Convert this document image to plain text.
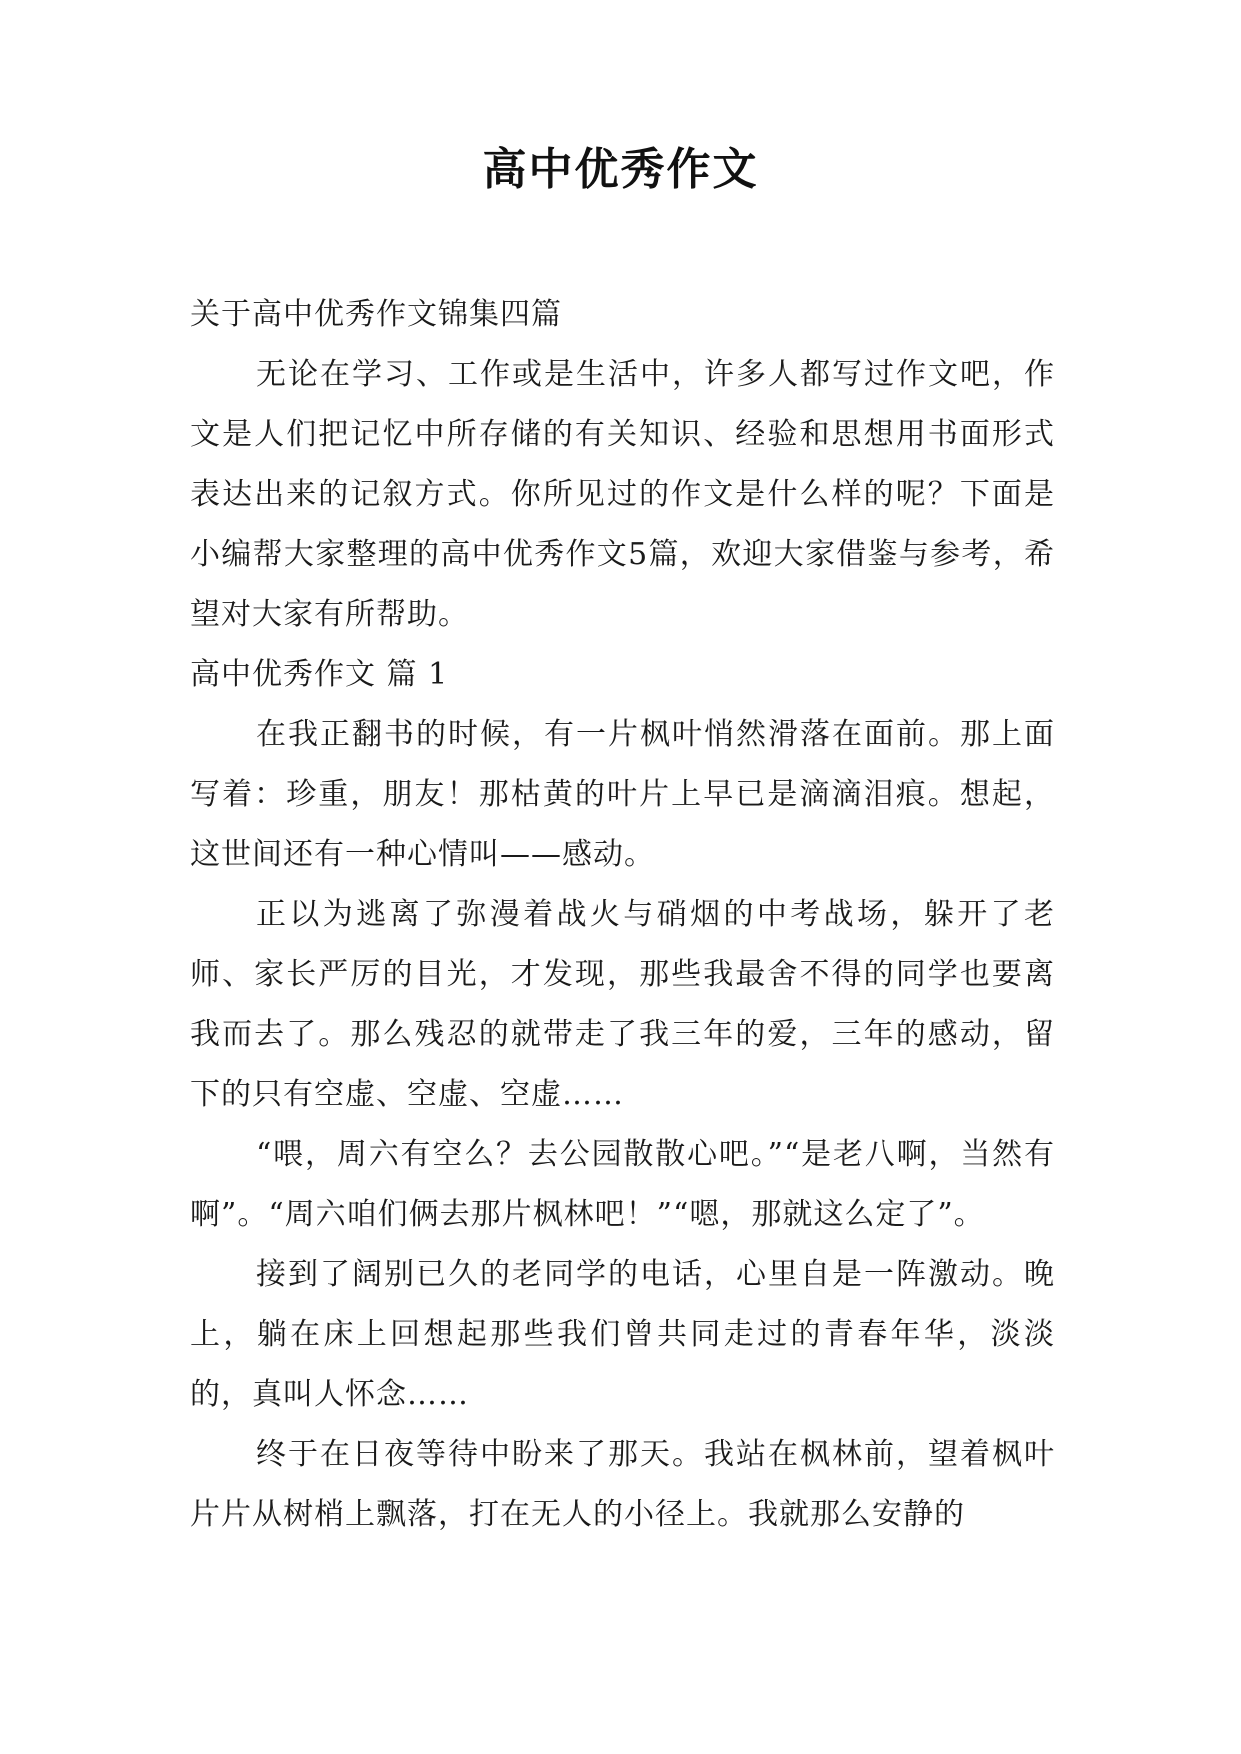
高中优秀作文

关于高中优秀作文锦集四篇

无论在学习、工作或是生活中，许多人都写过作文吧，作文是人们把记忆中所存储的有关知识、经验和思想用书面形式表达出来的记叙方式。你所见过的作文是什么样的呢？下面是小编帮大家整理的高中优秀作文5篇，欢迎大家借鉴与参考，希望对大家有所帮助。

高中优秀作文 篇 1

在我正翻书的时候，有一片枫叶悄然滑落在面前。那上面写着：珍重，朋友！那枯黄的叶片上早已是滴滴泪痕。想起，这世间还有一种心情叫——感动。

正以为逃离了弥漫着战火与硝烟的中考战场，躲开了老师、家长严厉的目光，才发现，那些我最舍不得的同学也要离我而去了。那么残忍的就带走了我三年的爱，三年的感动，留下的只有空虚、空虚、空虚……

“喂，周六有空么？去公园散散心吧。”“是老八啊，当然有啊”。“周六咱们俩去那片枫林吧！”“嗯，那就这么定了”。

接到了阔别已久的老同学的电话，心里自是一阵激动。晚上，躺在床上回想起那些我们曾共同走过的青春年华，淡淡的，真叫人怀念……

终于在日夜等待中盼来了那天。我站在枫林前，望着枫叶片片从树梢上飘落，打在无人的小径上。我就那么安静的
